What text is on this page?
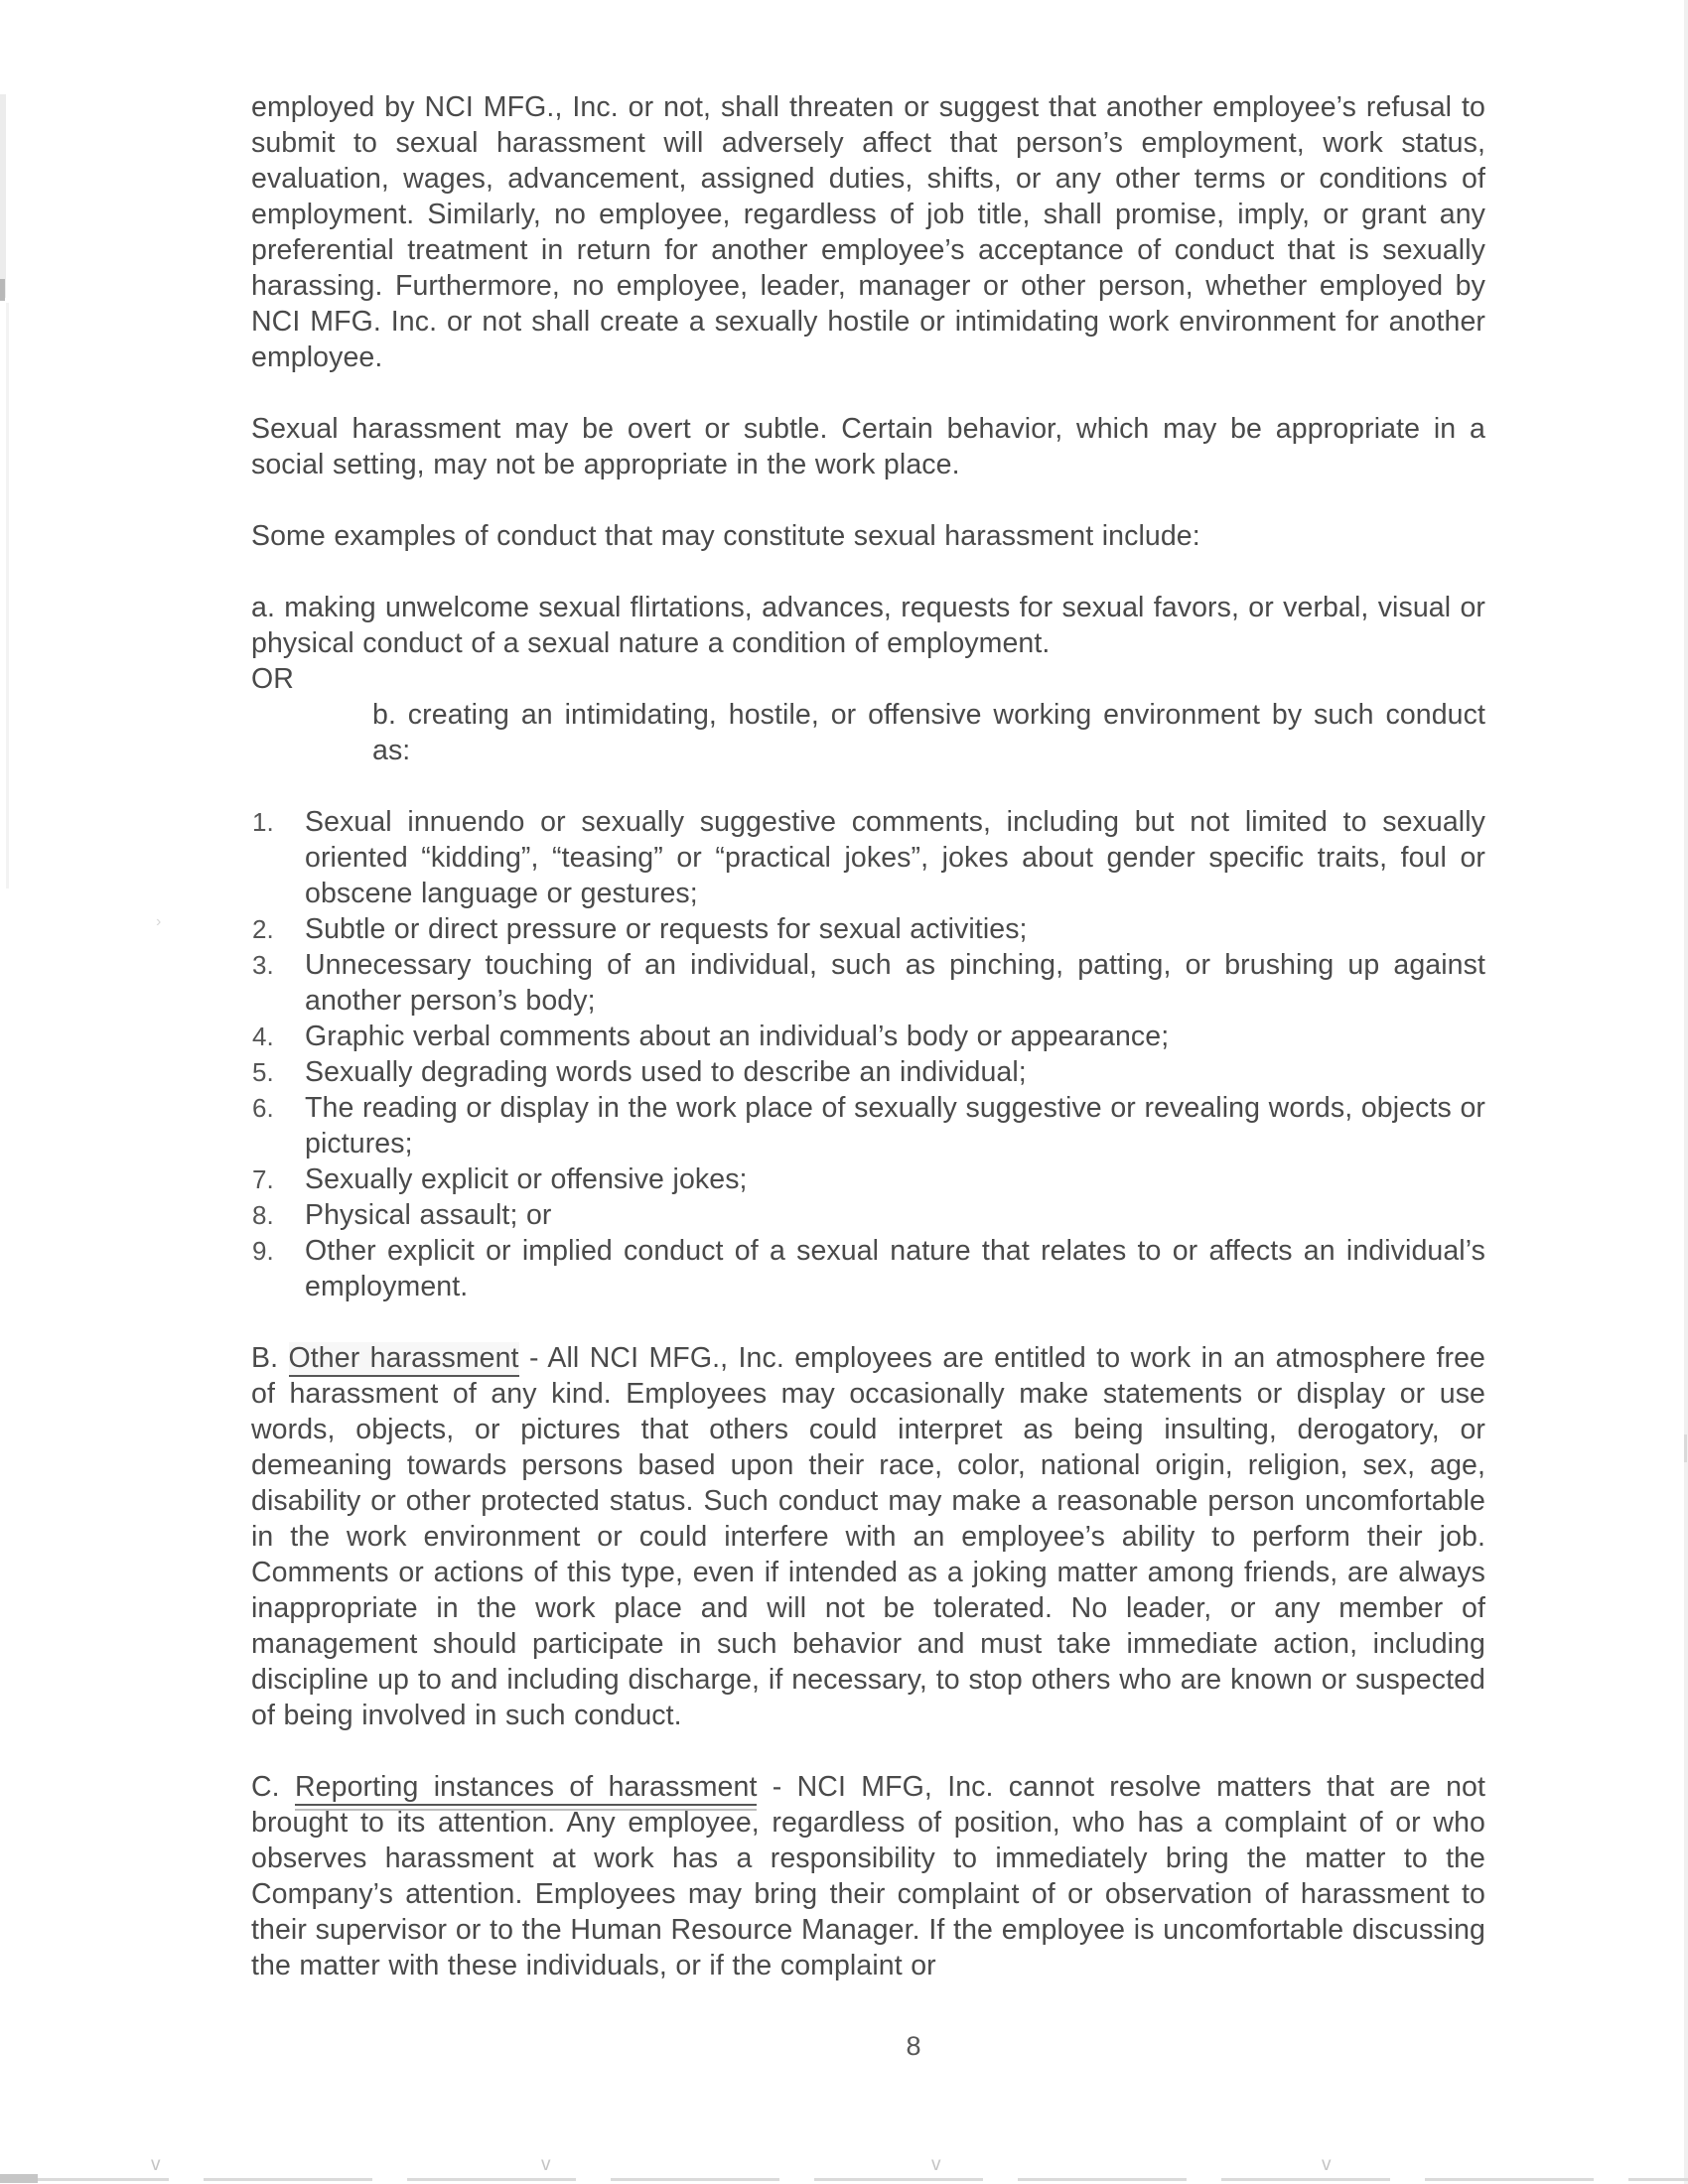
employed by NCI MFG., Inc. or not, shall threaten or suggest that another employee’s refusal to submit to sexual harassment will adversely affect that person’s employment, work status, evaluation, wages, advancement, assigned duties, shifts, or any other terms or conditions of employment. Similarly, no employee, regardless of job title, shall promise, imply, or grant any preferential treatment in return for another employee’s acceptance of conduct that is sexually harassing. Furthermore, no employee, leader, manager or other person, whether employed by NCI MFG. Inc. or not shall create a sexually hostile or intimidating work environment for another employee.

Sexual harassment may be overt or subtle. Certain behavior, which may be appropriate in a social setting, may not be appropriate in the work place.

Some examples of conduct that may constitute sexual harassment include:

a. making unwelcome sexual flirtations, advances, requests for sexual favors, or verbal, visual or physical conduct of a sexual nature a condition of employment.

OR

b. creating an intimidating, hostile, or offensive working environment by such conduct as:

1. Sexual innuendo or sexually suggestive comments, including but not limited to sexually oriented “kidding”, “teasing” or “practical jokes”, jokes about gender specific traits, foul or obscene language or gestures;
2. Subtle or direct pressure or requests for sexual activities;
3. Unnecessary touching of an individual, such as pinching, patting, or brushing up against another person’s body;
4. Graphic verbal comments about an individual’s body or appearance;
5. Sexually degrading words used to describe an individual;
6. The reading or display in the work place of sexually suggestive or revealing words, objects or pictures;
7. Sexually explicit or offensive jokes;
8. Physical assault; or
9. Other explicit or implied conduct of a sexual nature that relates to or affects an individual’s employment.

B. Other harassment - All NCI MFG., Inc. employees are entitled to work in an atmosphere free of harassment of any kind. Employees may occasionally make statements or display or use words, objects, or pictures that others could interpret as being insulting, derogatory, or demeaning towards persons based upon their race, color, national origin, religion, sex, age, disability or other protected status. Such conduct may make a reasonable person uncomfortable in the work environment or could interfere with an employee’s ability to perform their job. Comments or actions of this type, even if intended as a joking matter among friends, are always inappropriate in the work place and will not be tolerated. No leader, or any member of management should participate in such behavior and must take immediate action, including discipline up to and including discharge, if necessary, to stop others who are known or suspected of being involved in such conduct.

C. Reporting instances of harassment - NCI MFG, Inc. cannot resolve matters that are not brought to its attention. Any employee, regardless of position, who has a complaint of or who observes harassment at work has a responsibility to immediately bring the matter to the Company’s attention. Employees may bring their complaint of or observation of harassment to their supervisor or to the Human Resource Manager. If the employee is uncomfortable discussing the matter with these individuals, or if the complaint or

8
v	v	v	v
›
